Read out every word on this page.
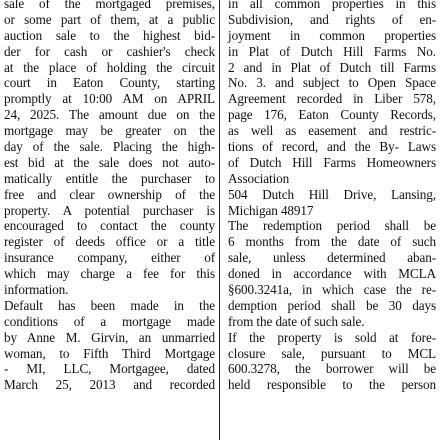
sale of the mortgaged premises,
or some part of them, at a public
auction sale to the highest bid-
der for cash or cashier's check
at the place of holding the circuit
court in Eaton County, starting
promptly at 10:00 AM on APRIL
24, 2025. The amount due on the
mortgage may be greater on the
day of the sale. Placing the high-
est bid at the sale does not auto-
matically entitle the purchaser to
free and clear ownership of the
property. A potential purchaser is
encouraged to contact the county
register of deeds office or a title
insurance company, either of
which may charge a fee for this
information.
Default has been made in the
conditions of a mortgage made
by Anne M. Girvin, an unmarried
woman, to Fifth Third Mortgage
- MI, LLC, Mortgagee, dated
March 25, 2013 and recorded
in all common properties in this
Subdivision, and rights of en-
joyment in common properties
in Plat of Dutch Hill Farms No.
2 and in Plat of Dutch till Farms
No. 3. and subject to Open Space
Agreement recorded in Liber 578,
page 176, Eaton County Records,
as well as easement and restric-
tions of record, and the By- Laws
of Dutch Hill Farms Homeowners
Association
504 Dutch Hill Drive, Lansing,
Michigan 48917
The redemption period shall be
6 months from the date of such
sale, unless determined aban-
doned in accordance with MCLA
§600.3241a, in which case the re-
demption period shall be 30 days
from the date of such sale.
If the property is sold at fore-
closure sale, pursuant to MCL
600.3278, the borrower will be
held responsible to the person
